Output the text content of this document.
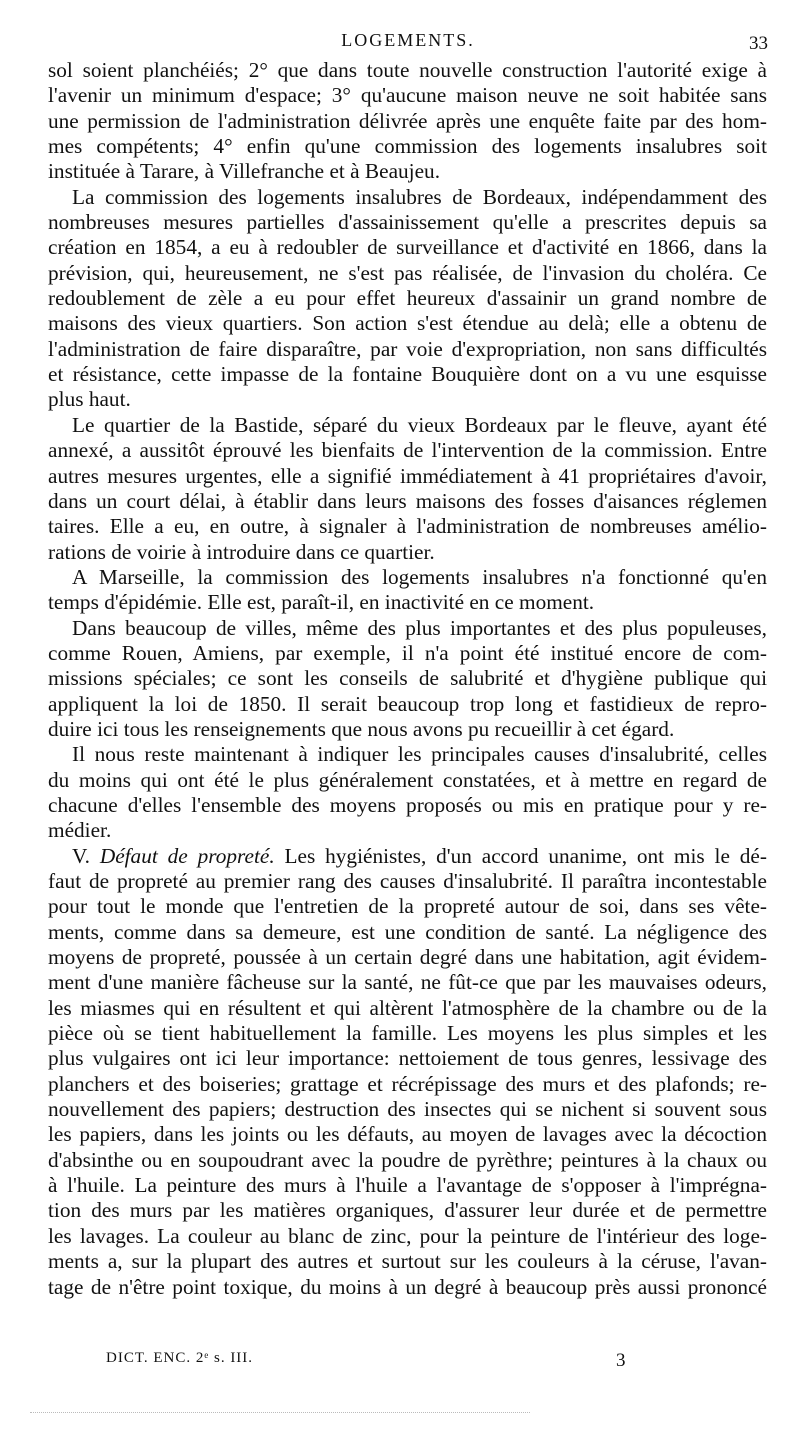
LOGEMENTS.	33
sol soient planchéiés; 2° que dans toute nouvelle construction l'autorité exige à
l'avenir un minimum d'espace; 3° qu'aucune maison neuve ne soit habitée sans
une permission de l'administration délivrée après une enquête faite par des hom-
mes compétents; 4° enfin qu'une commission des logements insalubres soit
instituée à Tarare, à Villefranche et à Beaujeu.
La commission des logements insalubres de Bordeaux, indépendamment des
nombreuses mesures partielles d'assainissement qu'elle a prescrites depuis sa
création en 1854, a eu à redoubler de surveillance et d'activité en 1866, dans la
prévision, qui, heureusement, ne s'est pas réalisée, de l'invasion du choléra. Ce
redoublement de zèle a eu pour effet heureux d'assainir un grand nombre de
maisons des vieux quartiers. Son action s'est étendue au delà; elle a obtenu de
l'administration de faire disparaître, par voie d'expropriation, non sans difficultés
et résistance, cette impasse de la fontaine Bouquière dont on a vu une esquisse
plus haut.
Le quartier de la Bastide, séparé du vieux Bordeaux par le fleuve, ayant été
annexé, a aussitôt éprouvé les bienfaits de l'intervention de la commission. Entre
autres mesures urgentes, elle a signifié immédiatement à 41 propriétaires d'avoir,
dans un court délai, à établir dans leurs maisons des fosses d'aisances réglemen
taires. Elle a eu, en outre, à signaler à l'administration de nombreuses amélio-
rations de voirie à introduire dans ce quartier.
A Marseille, la commission des logements insalubres n'a fonctionné qu'en
temps d'épidémie. Elle est, paraît-il, en inactivité en ce moment.
Dans beaucoup de villes, même des plus importantes et des plus populeuses,
comme Rouen, Amiens, par exemple, il n'a point été institué encore de com-
missions spéciales; ce sont les conseils de salubrité et d'hygiène publique qui
appliquent la loi de 1850. Il serait beaucoup trop long et fastidieux de repro-
duire ici tous les renseignements que nous avons pu recueillir à cet égard.
Il nous reste maintenant à indiquer les principales causes d'insalubrité, celles
du moins qui ont été le plus généralement constatées, et à mettre en regard de
chacune d'elles l'ensemble des moyens proposés ou mis en pratique pour y re-
médier.
V. Défaut de propreté. Les hygiénistes, d'un accord unanime, ont mis le dé-
faut de propreté au premier rang des causes d'insalubrité. Il paraîtra incontestable
pour tout le monde que l'entretien de la propreté autour de soi, dans ses vête-
ments, comme dans sa demeure, est une condition de santé. La négligence des
moyens de propreté, poussée à un certain degré dans une habitation, agit évidem-
ment d'une manière fâcheuse sur la santé, ne fût-ce que par les mauvaises odeurs,
les miasmes qui en résultent et qui altèrent l'atmosphère de la chambre ou de la
pièce où se tient habituellement la famille. Les moyens les plus simples et les
plus vulgaires ont ici leur importance: nettoiement de tous genres, lessivage des
planchers et des boiseries; grattage et récrépissage des murs et des plafonds; re-
nouvellement des papiers; destruction des insectes qui se nichent si souvent sous
les papiers, dans les joints ou les défauts, au moyen de lavages avec la décoction
d'absinthe ou en soupoudrant avec la poudre de pyrèthre; peintures à la chaux ou
à l'huile. La peinture des murs à l'huile a l'avantage de s'opposer à l'imprégna-
tion des murs par les matières organiques, d'assurer leur durée et de permettre
les lavages. La couleur au blanc de zinc, pour la peinture de l'intérieur des loge-
ments a, sur la plupart des autres et surtout sur les couleurs à la céruse, l'avan-
tage de n'être point toxique, du moins à un degré à beaucoup près aussi prononcé
DICT. ENC. 2ᵉ s. III.	3
